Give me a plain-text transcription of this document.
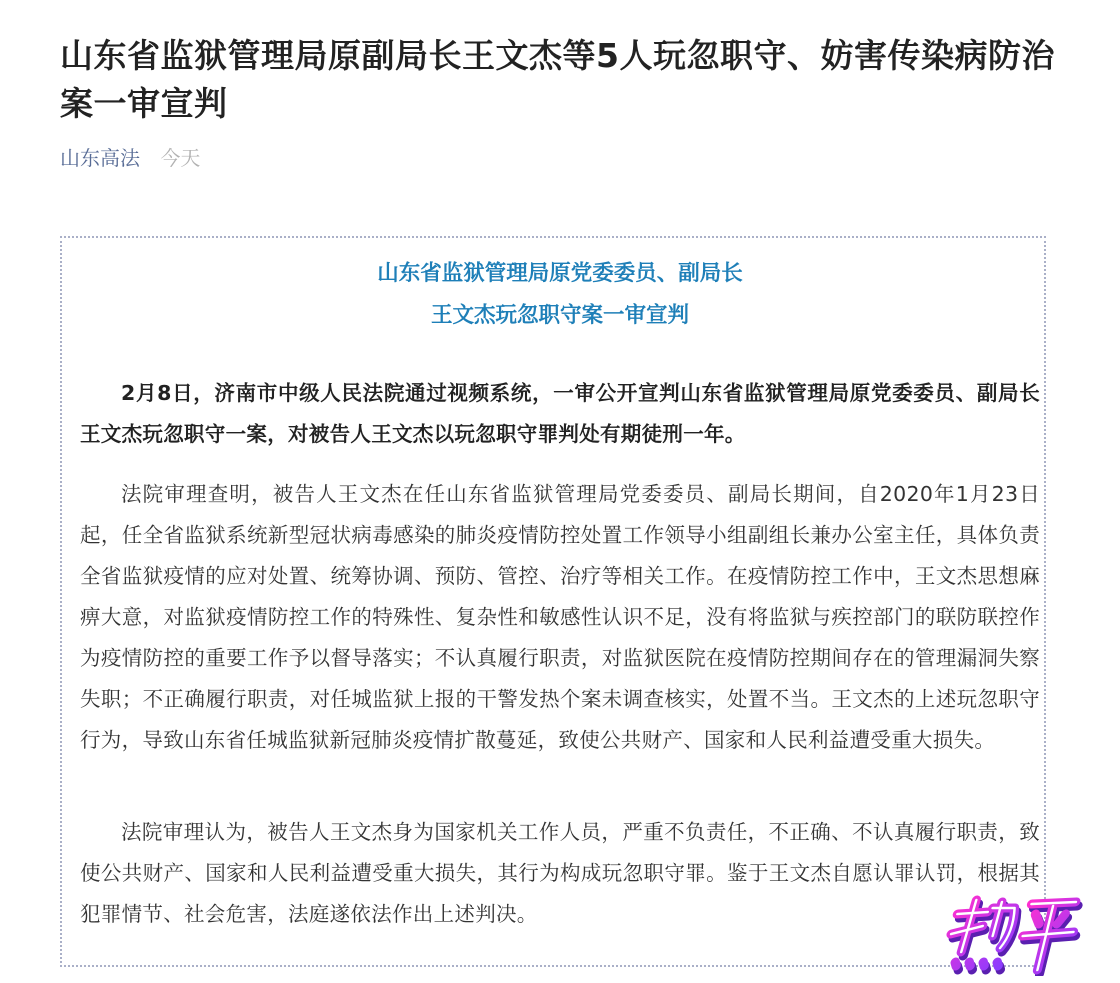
山东省监狱管理局原副局长王文杰等5人玩忽职守、妨害传染病防治案一审宣判
山东高法 今天
山东省监狱管理局原党委委员、副局长
王文杰玩忽职守案一审宣判

2月8日，济南市中级人民法院通过视频系统，一审公开宣判山东省监狱管理局原党委委员、副局长王文杰玩忽职守一案，对被告人王文杰以玩忽职守罪判处有期徒刑一年。

法院审理查明，被告人王文杰在任山东省监狱管理局党委委员、副局长期间，自2020年1月23日起，任全省监狱系统新型冠状病毒感染的肺炎疫情防控处置工作领导小组副组长兼办公室主任，具体负责全省监狱疫情的应对处置、统筹协调、预防、管控、治疗等相关工作。在疫情防控工作中，王文杰思想麻痹大意，对监狱疫情防控工作的特殊性、复杂性和敏感性认识不足，没有将监狱与疾控部门的联防联控作为疫情防控的重要工作予以督导落实；不认真履行职责，对监狱医院在疫情防控期间存在的管理漏洞失察失职；不正确履行职责，对任城监狱上报的干警发热个案未调查核实，处置不当。王文杰的上述玩忽职守行为，导致山东省任城监狱新冠肺炎疫情扩散蔓延，致使公共财产、国家和人民利益遭受重大损失。

法院审理认为，被告人王文杰身为国家机关工作人员，严重不负责任，不正确、不认真履行职责，致使公共财产、国家和人民利益遭受重大损失，其行为构成玩忽职守罪。鉴于王文杰自愿认罪认罚，根据其犯罪情节、社会危害，法庭遂依法作出上述判决。
